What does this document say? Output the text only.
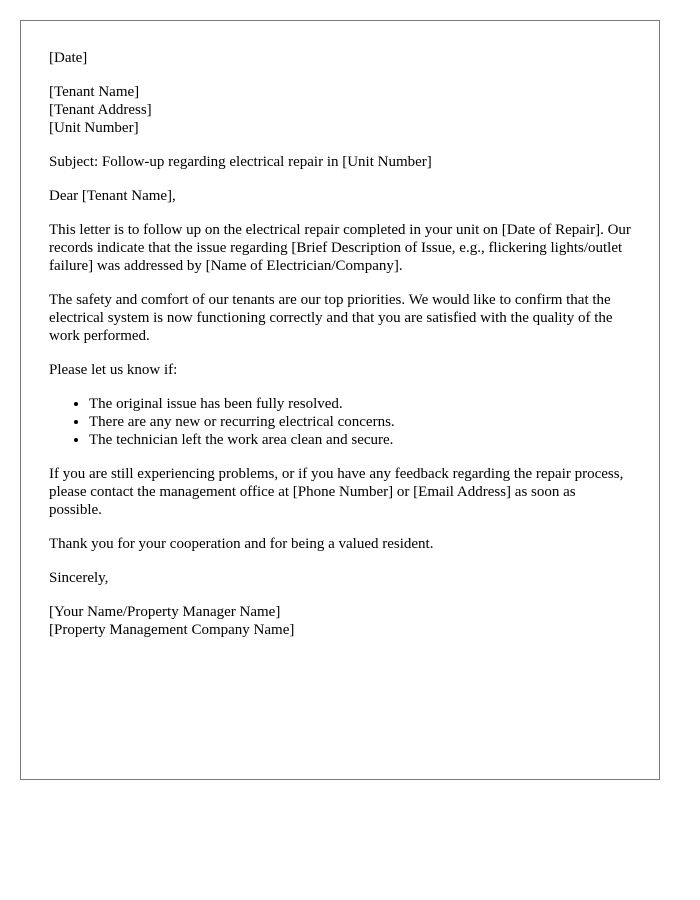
[Date]

[Tenant Name]

[Tenant Address]

[Unit Number]

Subject: Follow-up regarding electrical repair in [Unit Number]

Dear [Tenant Name],

This letter is to follow up on the electrical repair completed in your unit on [Date of Repair]. Our records indicate that the issue regarding [Brief Description of Issue, e.g., flickering lights/outlet failure] was addressed by [Name of Electrician/Company].

The safety and comfort of our tenants are our top priorities. We would like to confirm that the electrical system is now functioning correctly and that you are satisfied with the quality of the work performed.

Please let us know if:

• The original issue has been fully resolved.
• There are any new or recurring electrical concerns.
• The technician left the work area clean and secure.

If you are still experiencing problems, or if you have any feedback regarding the repair process, please contact the management office at [Phone Number] or [Email Address] as soon as possible.

Thank you for your cooperation and for being a valued resident.

Sincerely,

[Your Name/Property Manager Name]

[Property Management Company Name]
